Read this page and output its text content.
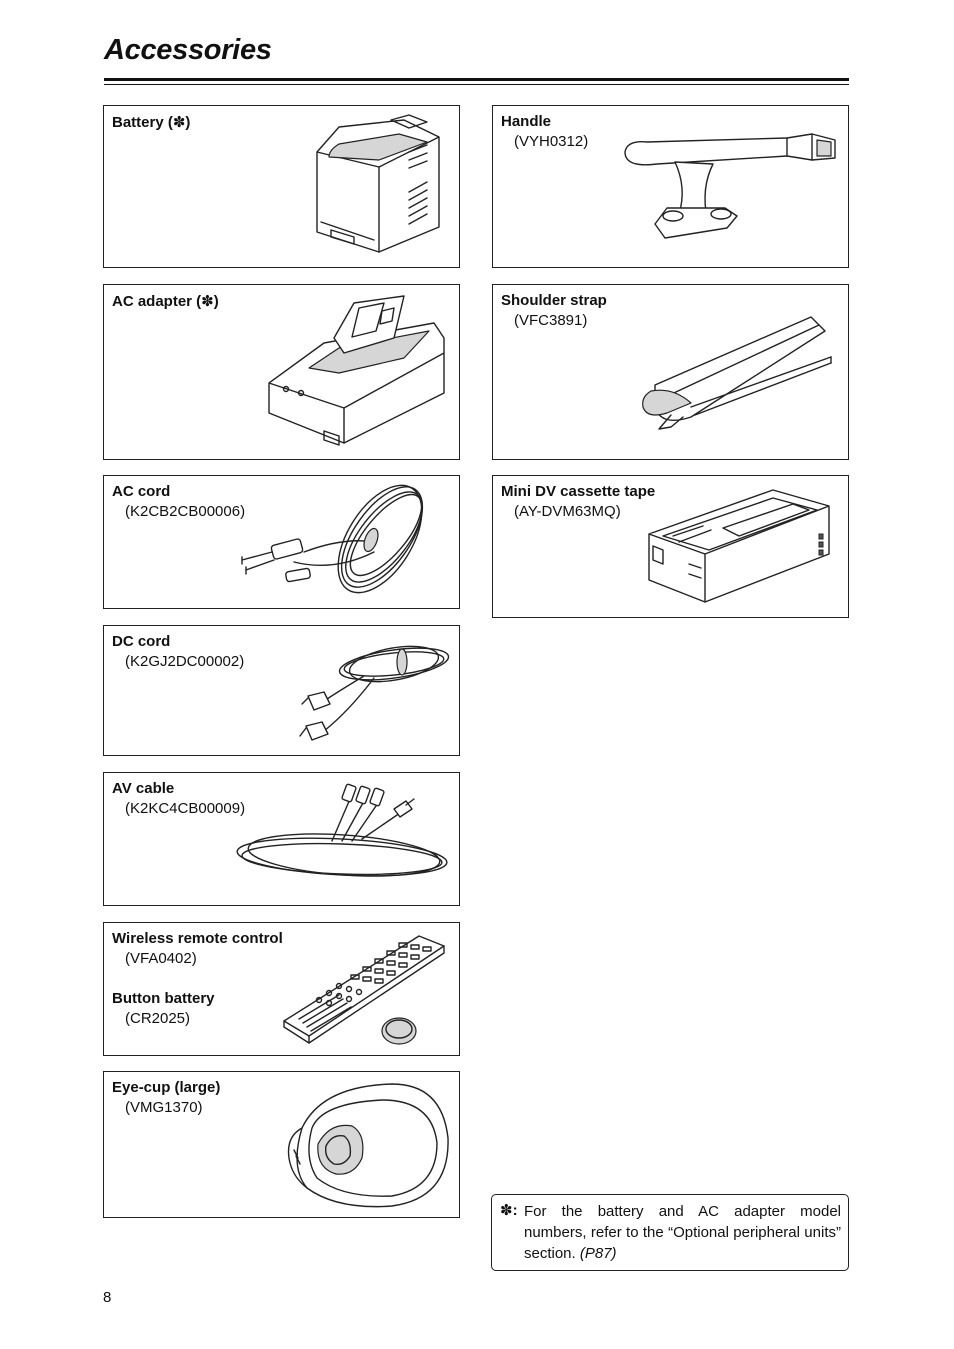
Accessories
Battery (✽)
AC adapter (✽)
AC cord
(K2CB2CB00006)
DC cord
(K2GJ2DC00002)
AV cable
(K2KC4CB00009)
Wireless remote control
(VFA0402)
Button battery
(CR2025)
Eye-cup (large)
(VMG1370)
Handle
(VYH0312)
Shoulder strap
(VFC3891)
Mini DV cassette tape
(AY-DVM63MQ)
✽: For the battery and AC adapter model numbers, refer to the “Optional peripheral units” section. (P87)
8
